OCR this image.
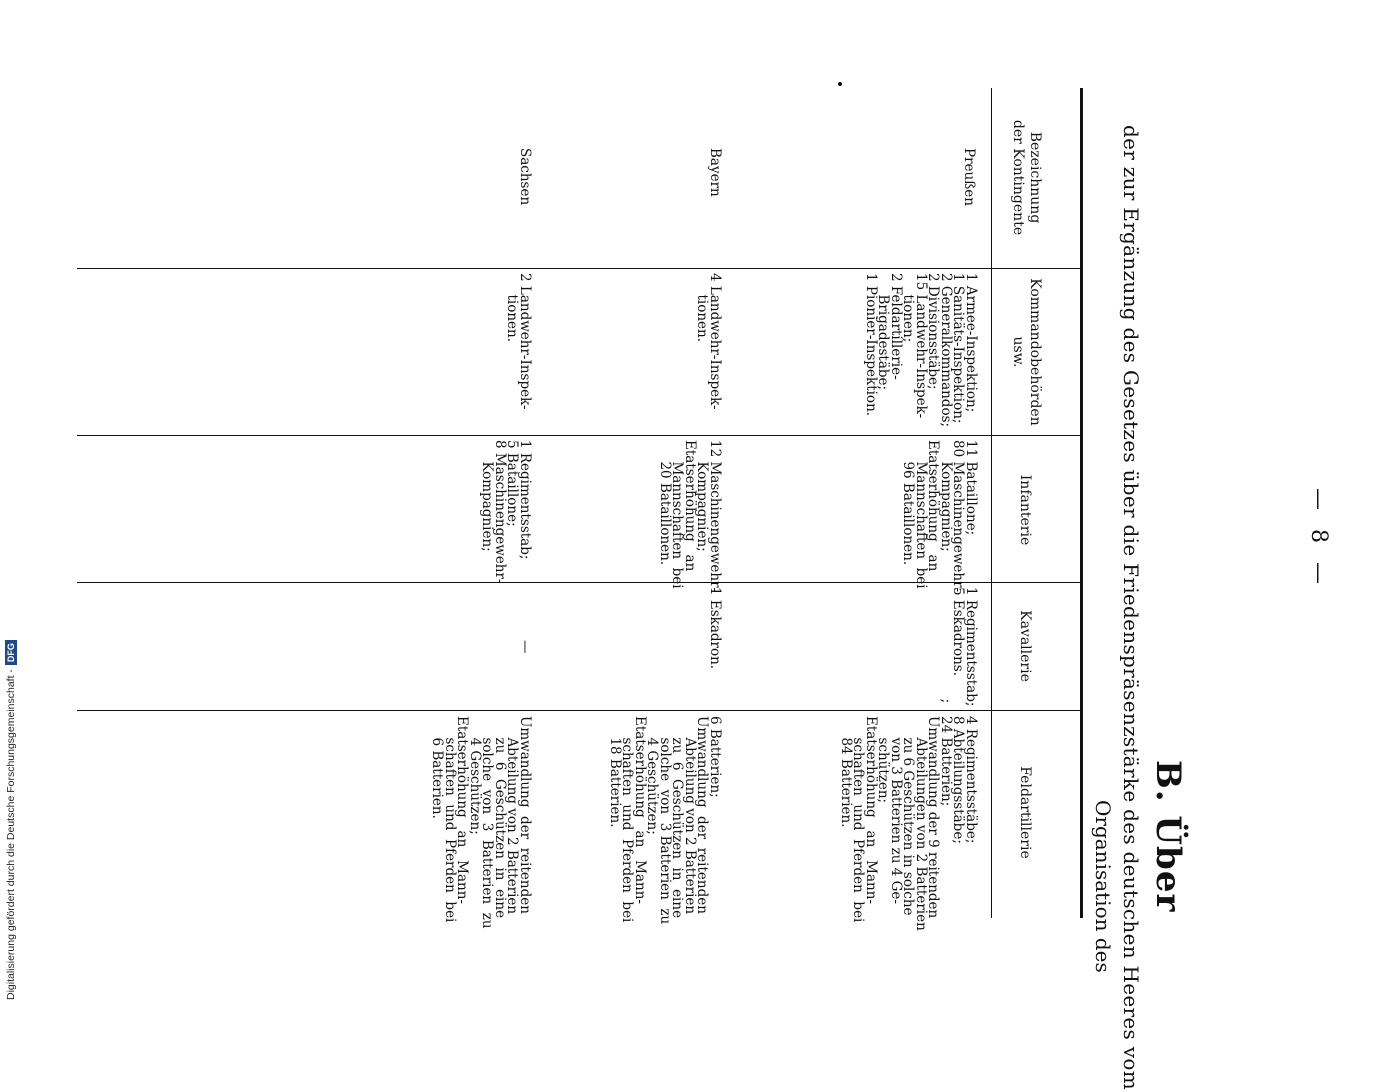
— 8 —
B. Über
der zur Ergänzung des Gesetzes über die Friedenspräsenzstärke des deutschen Heeres vom
Organisation des
Bezeichnung
der Kontingente
Kommandobehörden
usw.
Infanterie
Kavallerie
Feldartillerie
Preußen
1 Armee-Inspektion;
1 Sanitäts-Inspektion;
2 Generalkommandos;
2 Divisionsstäbe;
15 Landwehr-Inspek-
tionen;
2 Feldartillerie-
Brigadestäbe;
1 Pionier-Inspektion.
11 Bataillone;
80 Maschinengewehr-
Kompagnien;
Etatserhöhung   an
Mannschaften  bei
96 Bataillonen.
1 Regimentsstab;
5 Eskadrons.
;
4 Regimentsstäbe;
8 Abteilungsstäbe;
24 Batterien;
Umwandlung der 9 reitenden
Abteilungen von 2 Batterien
zu 6 Geschützen in solche
von 3 Batterien zu 4 Ge-
schützen;
Etatserhöhung   an   Mann-
schaften  und  Pferden  bei
84 Batterien.
Bayern
4 Landwehr-Inspek-
tionen.
12 Maschinengewehr-
Kompagnien;
Etatserhöhung   an
Mannschaften  bei
20 Bataillonen.
1 Eskadron.
6 Batterien;
Umwandlung  der  reitenden
Abteilung von 2 Batterien
zu  6  Geschützen  in  eine
solche  von  3 Batterien  zu
4 Geschützen;
Etatserhöhung   an   Mann-
schaften  und  Pferden  bei
18 Batterien.
Sachsen
2 Landwehr-Inspek-
tionen.
1 Regimentsstab;
5 Bataillone;
8 Maschinengewehr-
Kompagnien;
—
Umwandlung  der  reitenden
Abteilung von 2 Batterien
zu  6  Geschützen  in  eine
solche  von  3  Batterien  zu
4 Geschützen;
Etatserhöhung   an   Mann-
schaften  und  Pferden  bei
6 Batterien.
Digitalisierung gefördert durch die Deutsche Forschungsgemeinschaft -DFG
